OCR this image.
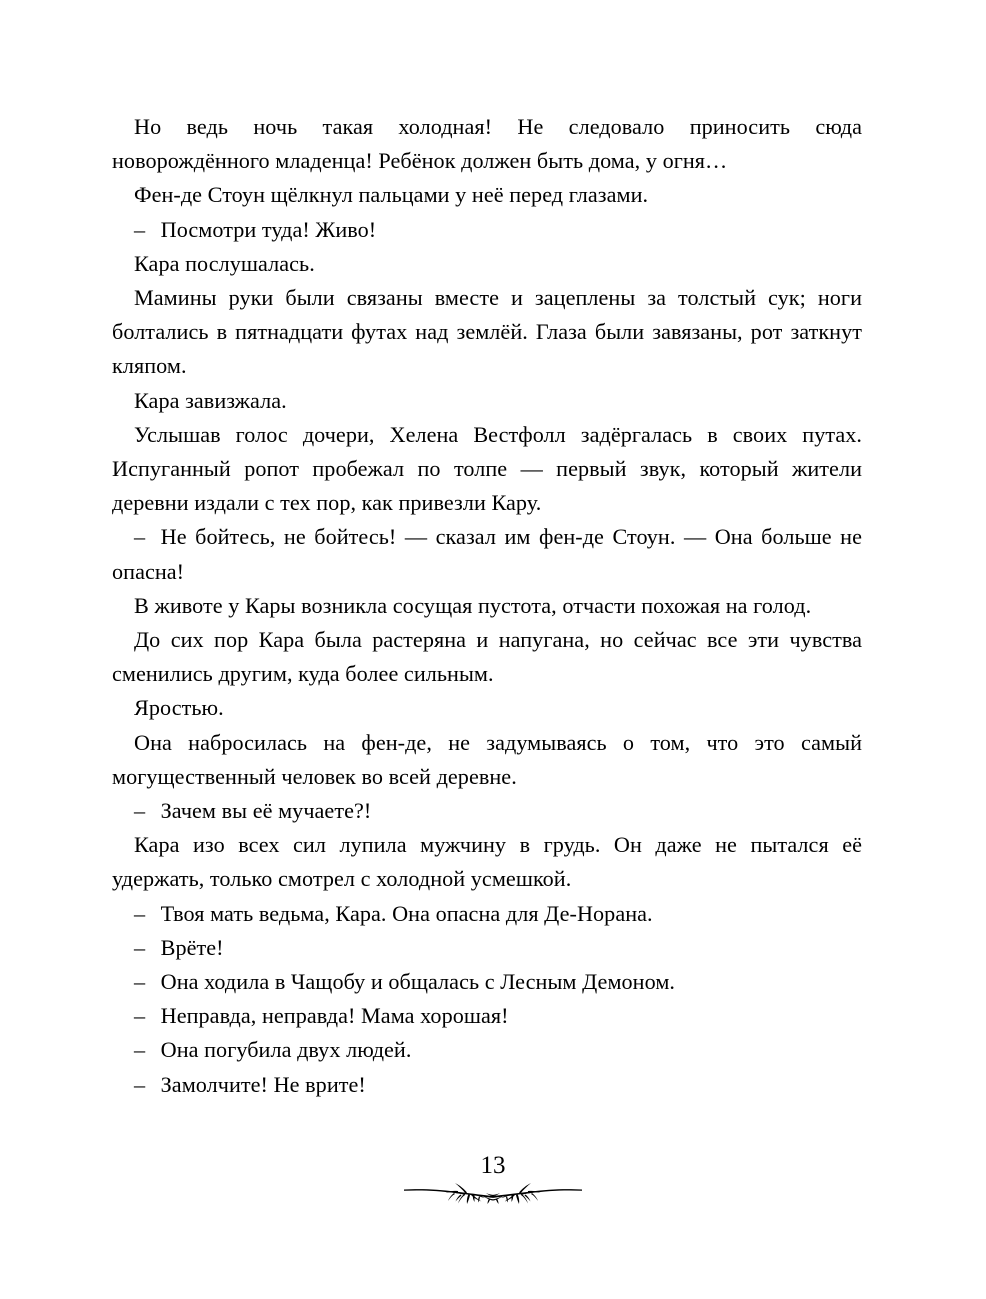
Но ведь ночь такая холодная! Не следовало приносить сюда новорождённого младенца! Ребёнок должен быть дома, у огня…

Фен-де Стоун щёлкнул пальцами у неё перед глазами.

– Посмотри туда! Живо!

Кара послушалась.

Мамины руки были связаны вместе и зацеплены за толстый сук; ноги болтались в пятнадцати футах над землёй. Глаза были завязаны, рот заткнут кляпом.

Кара завизжала.

Услышав голос дочери, Хелена Вестфолл задёргалась в своих путах. Испуганный ропот пробежал по толпе — первый звук, который жители деревни издали с тех пор, как привезли Кару.

– Не бойтесь, не бойтесь! — сказал им фен-де Стоун. — Она больше не опасна!

В животе у Кары возникла сосущая пустота, отчасти похожая на голод.

До сих пор Кара была растеряна и напугана, но сейчас все эти чувства сменились другим, куда более сильным.

Яростью.

Она набросилась на фен-де, не задумываясь о том, что это самый могущественный человек во всей деревне.

– Зачем вы её мучаете?!

Кара изо всех сил лупила мужчину в грудь. Он даже не пытался её удержать, только смотрел с холодной усмешкой.

– Твоя мать ведьма, Кара. Она опасна для Де-Норана.

– Врёте!

– Она ходила в Чащобу и общалась с Лесным Демоном.

– Неправда, неправда! Мама хорошая!

– Она погубила двух людей.

– Замолчите! Не врите!

13
